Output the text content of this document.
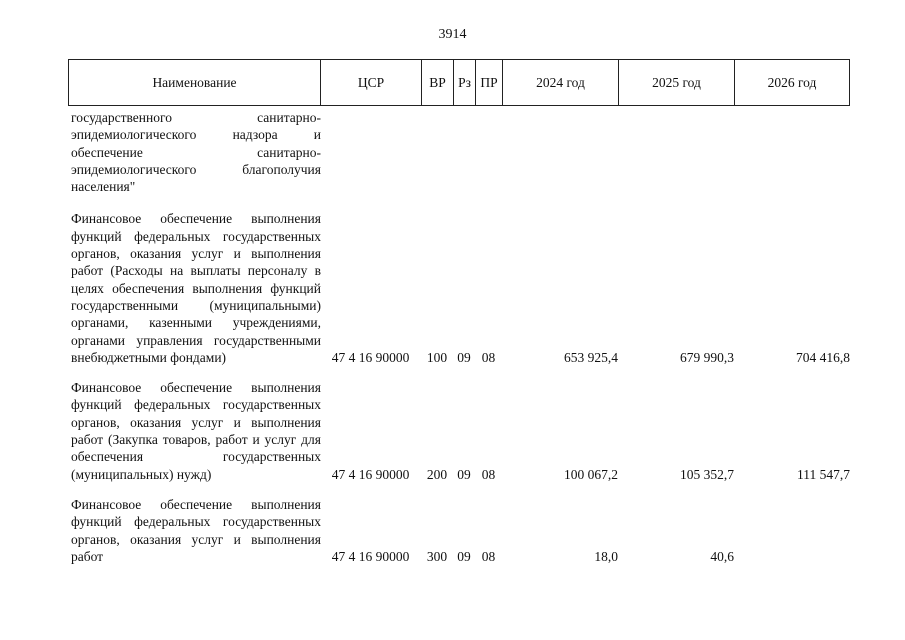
3914
Наименование	ЦСР	ВР Рз ПР	2024 год	2025 год	2026 год
государственного санитарно-эпидемиологического надзора и обеспечение санитарно-эпидемиологического благополучия населения"
Финансовое обеспечение выполнения функций федеральных государственных органов, оказания услуг и выполнения работ (Расходы на выплаты персоналу в целях обеспечения выполнения функций государственными (муниципальными) органами, казенными учреждениями, органами управления государственными внебюджетными фондами)	47 4 16 90000	100 09 08	653 925,4	679 990,3	704 416,8
Финансовое обеспечение выполнения функций федеральных государственных органов, оказания услуг и выполнения работ (Закупка товаров, работ и услуг для обеспечения государственных (муниципальных) нужд)	47 4 16 90000	200 09 08	100 067,2	105 352,7	111 547,7
Финансовое обеспечение выполнения функций федеральных государственных органов, оказания услуг и выполнения работ	47 4 16 90000	300 09 08	18,0	40,6
